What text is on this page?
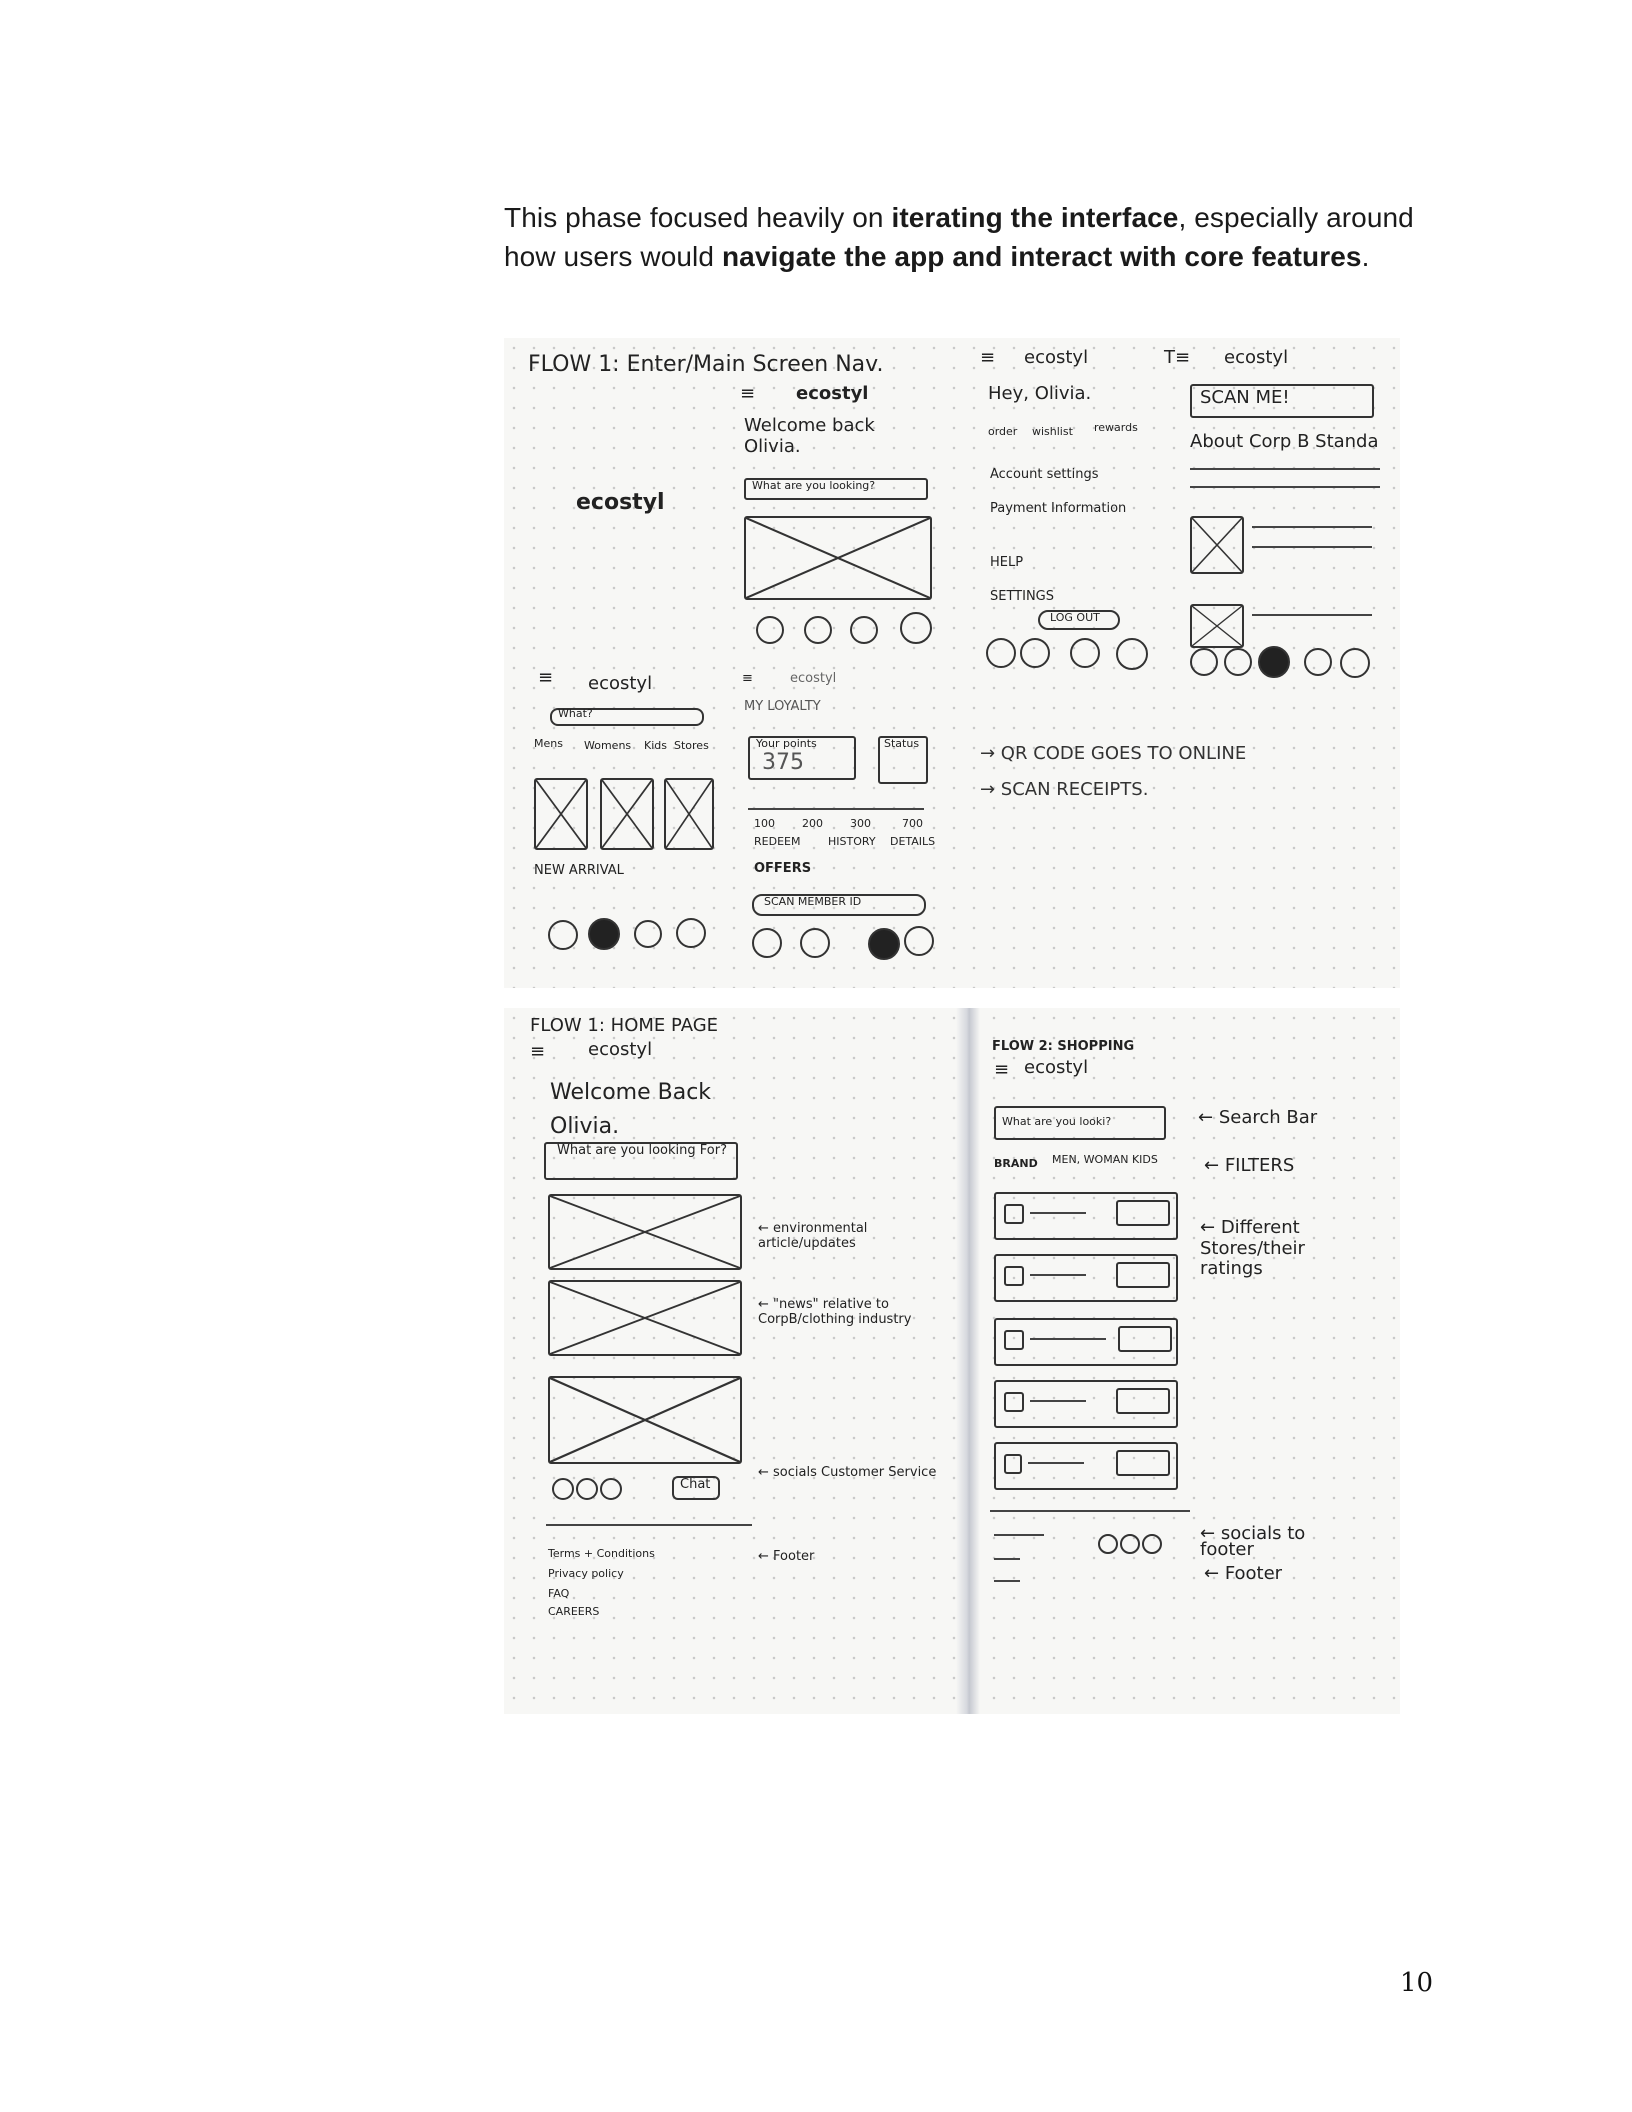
This phase focused heavily on iterating the interface, especially around how users would navigate the app and interact with core features.
FLOW 1: Enter/Main Screen Nav.
ecostyl
≡ ecostyl
Welcome back Olivia.
What are you looking?
≡ ecostyl
Hey, Olivia.
order wishlist rewards
Account settings
Payment Information
HELP
SETTINGS
LOG OUT
T≡ ecostyl
SCAN ME!
About Corp B Standa
≡ ecostyl
What?
Mens Womens Kids Stores
NEW ARRIVAL
≡	ecostyl
MY LOYALTY
Your points
375
Status
100 200 300	700
REDEEM	HISTORY DETAILS
OFFERS
SCAN MEMBER ID
→ QR CODE GOES TO ONLINE
→ SCAN RECEIPTS.
FLOW 1: HOME PAGE
≡ ecostyl
Welcome Back Olivia.
What are you looking For?
Chat
Terms + Conditions
Privacy policy
FAQ
CAREERS
← environmental article/updates
← "news" relative to CorpB/clothing industry
← socials Customer Service
← Footer
FLOW 2: SHOPPING
≡ ecostyl
What are you looki?
BRAND MEN, WOMAN KIDS
← Search Bar
← FILTERS
← Different Stores/their ratings
← socials to footer
← Footer
10
